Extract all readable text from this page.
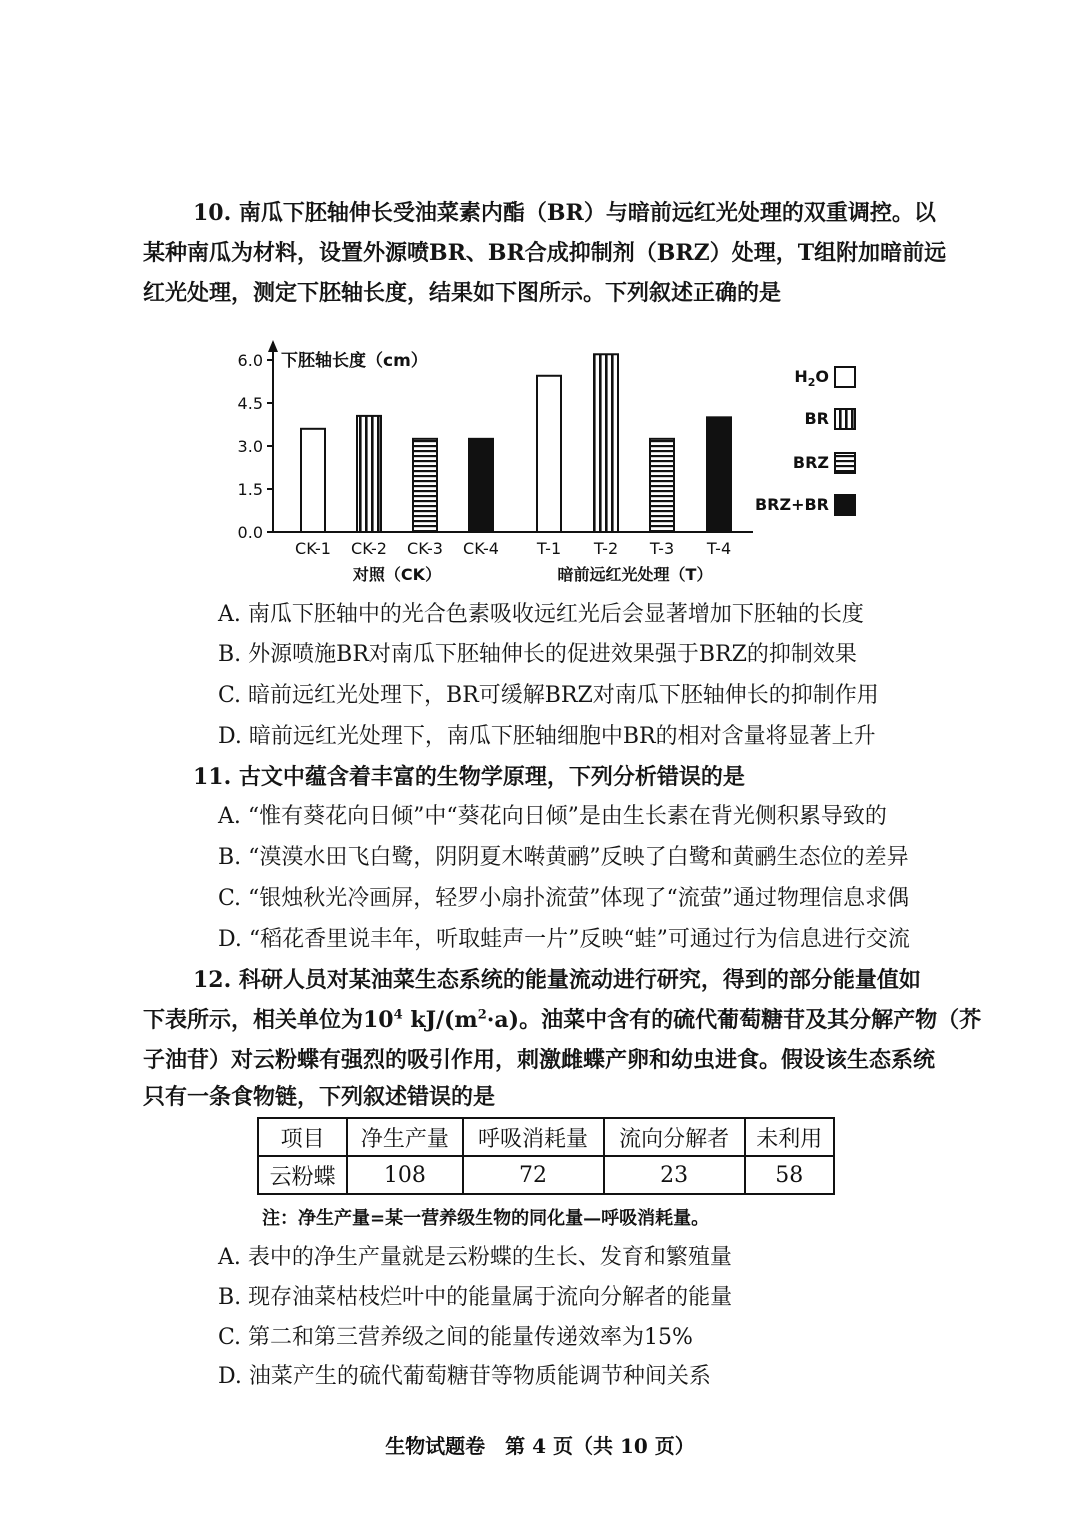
10. 南瓜下胚轴伸长受油菜素内酯（BR）与暗前远红光处理的双重调控。以
某种南瓜为材料，设置外源喷BR、BR合成抑制剂（BRZ）处理，T组附加暗前远
红光处理，测定下胚轴长度，结果如下图所示。下列叙述正确的是
0.0
1.5
3.0
4.5
6.0 下胚轴长度（cm）
CK-1 CK-2 CK-3 CK-4 T-1 T-2 T-3 T-4
对照（CK）	暗前远红光处理（T）
$H_2O$
BR
BRZ
BRZ+BR
A. 南瓜下胚轴中的光合色素吸收远红光后会显著增加下胚轴的长度
B. 外源喷施BR对南瓜下胚轴伸长的促进效果强于BRZ的抑制效果
C. 暗前远红光处理下，BR可缓解BRZ对南瓜下胚轴伸长的抑制作用
D. 暗前远红光处理下，南瓜下胚轴细胞中BR的相对含量将显著上升
11. 古文中蕴含着丰富的生物学原理，下列分析错误的是
A. “惟有葵花向日倾”中“葵花向日倾”是由生长素在背光侧积累导致的
B. “漠漠水田飞白鹭，阴阴夏木啭黄鹂”反映了白鹭和黄鹂生态位的差异
C. “银烛秋光冷画屏，轻罗小扇扑流萤”体现了“流萤”通过物理信息求偶
D. “稻花香里说丰年，听取蛙声一片”反映“蛙”可通过行为信息进行交流
12. 科研人员对某油菜生态系统的能量流动进行研究，得到的部分能量值如
下表所示，相关单位为$10^4$ $kJ/(m^2\cdot a)$。油菜中含有的硫代葡萄糖苷及其分解产物（芥
子油苷）对云粉蝶有强烈的吸引作用，刺激雌蝶产卵和幼虫进食。假设该生态系统
只有一条食物链，下列叙述错误的是
项目	净生产量	呼吸消耗量	流向分解者	未利用
云粉蝶	108	72	23	58
注：净生产量=某一营养级生物的同化量—呼吸消耗量。
A. 表中的净生产量就是云粉蝶的生长、发育和繁殖量
B. 现存油菜枯枝烂叶中的能量属于流向分解者的能量
C. 第二和第三营养级之间的能量传递效率为15%
D. 油菜产生的硫代葡萄糖苷等物质能调节种间关系
生物试题卷　第 4 页（共 10 页）
